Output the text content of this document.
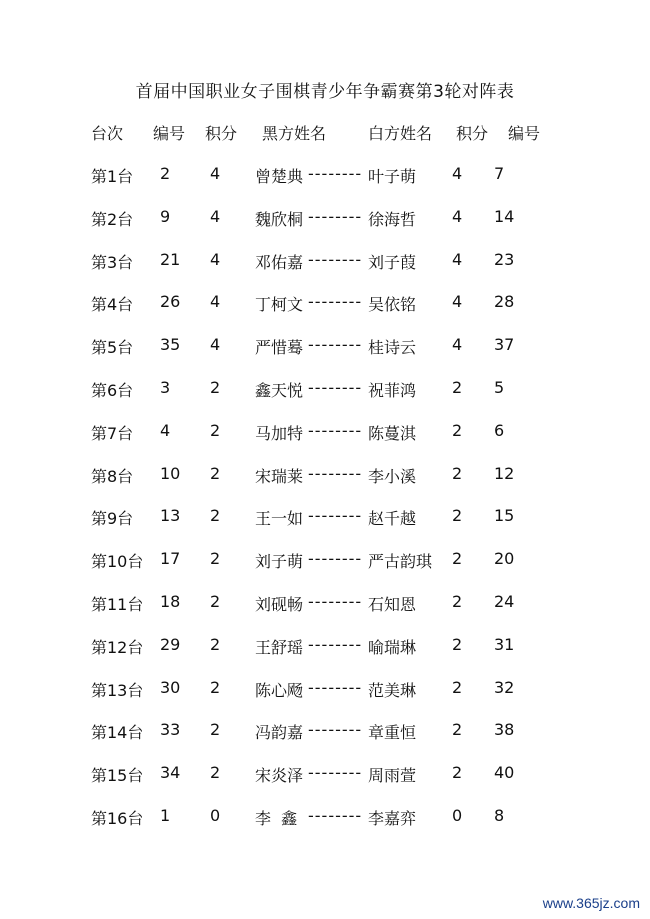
首届中国职业女子围棋青少年争霸赛第3轮对阵表
台次 编号 积分 黑方姓名	白方姓名 积分 编号
第1台 2 4 曾楚典 -------- 叶子萌 4 7
第2台 9 4 魏欣桐 -------- 徐海哲 4 14
第3台 21 4 邓佑嘉 -------- 刘子葭 4 23
第4台 26 4 丁柯文 -------- 吴依铭 4 28
第5台 35 4 严惜蓦 -------- 桂诗云 4 37
第6台 3 2 鑫天悦 -------- 祝菲鸿 2 5
第7台 4 2 马加特 -------- 陈蔓淇 2 6
第8台 10 2 宋瑞莱 -------- 李小溪 2 12
第9台 13 2 王一如 -------- 赵千越 2 15
第10台 17 2 刘子萌 -------- 严古韵琪 2 20
第11台 18 2 刘砚畅 -------- 石知恩 2 24
第12台 29 2 王舒瑶 -------- 喻瑞琳 2 31
第13台 30 2 陈心飏 -------- 范美琳 2 32
第14台 33 2 冯韵嘉 -------- 章重恒 2 38
第15台 34 2 宋炎泽 -------- 周雨萱 2 40
第16台 1 0 李  鑫 -------- 李嘉弈 0 8
www.365jz.com
